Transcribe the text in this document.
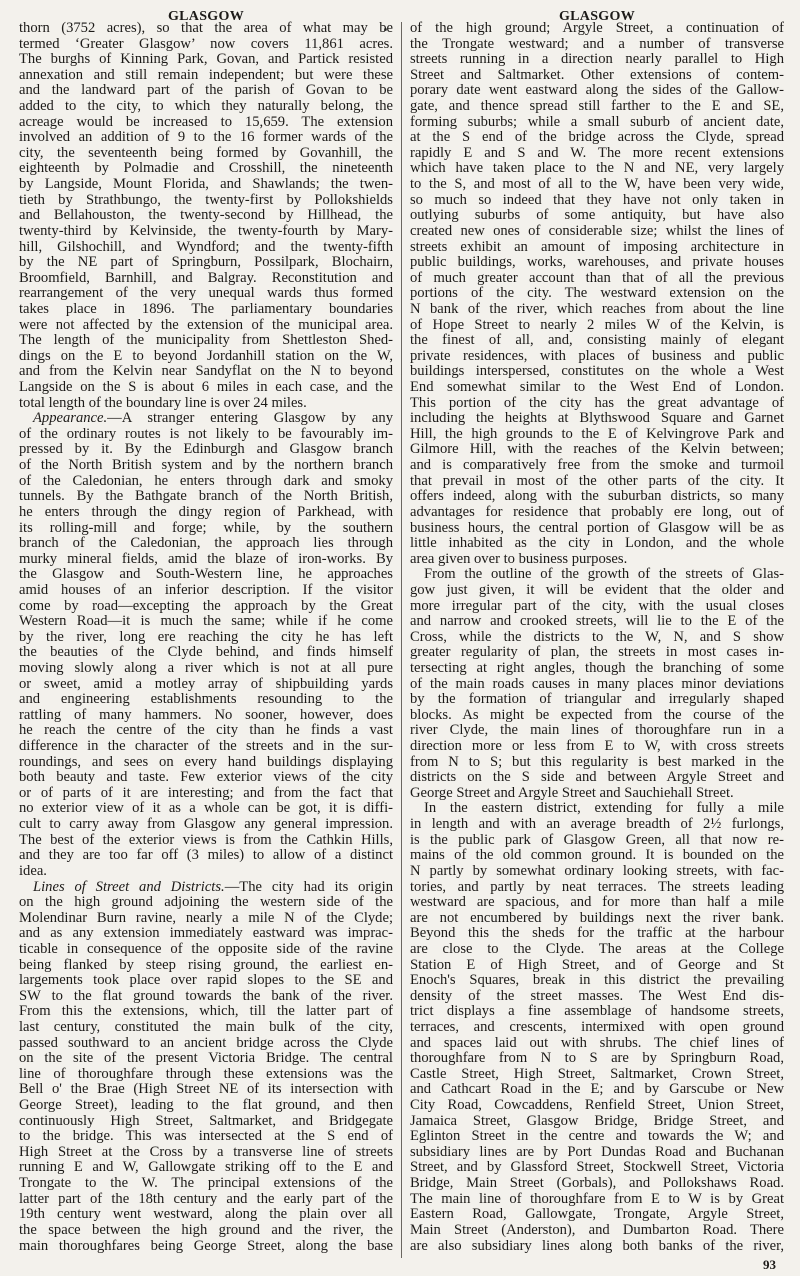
GLASGOW	GLASGOW
thorn (3752 acres), so that the area of what may be
termed ‘Greater Glasgow’ now covers 11,861 acres.
The burghs of Kinning Park, Govan, and Partick resisted
annexation and still remain independent; but were these
and the landward part of the parish of Govan to be
added to the city, to which they naturally belong, the
acreage would be increased to 15,659. The extension
involved an addition of 9 to the 16 former wards of the
city, the seventeenth being formed by Govanhill, the
eighteenth by Polmadie and Crosshill, the nineteenth
by Langside, Mount Florida, and Shawlands; the twen-
tieth by Strathbungo, the twenty-first by Pollokshields
and Bellahouston, the twenty-second by Hillhead, the
twenty-third by Kelvinside, the twenty-fourth by Mary-
hill, Gilshochill, and Wyndford; and the twenty-fifth
by the NE part of Springburn, Possilpark, Blochairn,
Broomfield, Barnhill, and Balgray. Reconstitution and
rearrangement of the very unequal wards thus formed
takes place in 1896. The parliamentary boundaries
were not affected by the extension of the municipal area.
The length of the municipality from Shettleston Shed-
dings on the E to beyond Jordanhill station on the W,
and from the Kelvin near Sandyflat on the N to beyond
Langside on the S is about 6 miles in each case, and the
total length of the boundary line is over 24 miles.
Appearance.—A stranger entering Glasgow by any
of the ordinary routes is not likely to be favourably im-
pressed by it. By the Edinburgh and Glasgow branch
of the North British system and by the northern branch
of the Caledonian, he enters through dark and smoky
tunnels. By the Bathgate branch of the North British,
he enters through the dingy region of Parkhead, with
its rolling-mill and forge; while, by the southern
branch of the Caledonian, the approach lies through
murky mineral fields, amid the blaze of iron-works. By
the Glasgow and South-Western line, he approaches
amid houses of an inferior description. If the visitor
come by road—excepting the approach by the Great
Western Road—it is much the same; while if he come
by the river, long ere reaching the city he has left
the beauties of the Clyde behind, and finds himself
moving slowly along a river which is not at all pure
or sweet, amid a motley array of shipbuilding yards
and engineering establishments resounding to the
rattling of many hammers. No sooner, however, does
he reach the centre of the city than he finds a vast
difference in the character of the streets and in the sur-
roundings, and sees on every hand buildings displaying
both beauty and taste. Few exterior views of the city
or of parts of it are interesting; and from the fact that
no exterior view of it as a whole can be got, it is diffi-
cult to carry away from Glasgow any general impression.
The best of the exterior views is from the Cathkin Hills,
and they are too far off (3 miles) to allow of a distinct
idea.
Lines of Street and Districts.—The city had its origin
on the high ground adjoining the western side of the
Molendinar Burn ravine, nearly a mile N of the Clyde;
and as any extension immediately eastward was imprac-
ticable in consequence of the opposite side of the ravine
being flanked by steep rising ground, the earliest en-
largements took place over rapid slopes to the SE and
SW to the flat ground towards the bank of the river.
From this the extensions, which, till the latter part of
last century, constituted the main bulk of the city,
passed southward to an ancient bridge across the Clyde
on the site of the present Victoria Bridge. The central
line of thoroughfare through these extensions was the
Bell o' the Brae (High Street NE of its intersection with
George Street), leading to the flat ground, and then
continuously High Street, Saltmarket, and Bridgegate
to the bridge. This was intersected at the S end of
High Street at the Cross by a transverse line of streets
running E and W, Gallowgate striking off to the E and
Trongate to the W. The principal extensions of the
latter part of the 18th century and the early part of the
19th century went westward, along the plain over all
the space between the high ground and the river, the
main thoroughfares being George Street, along the base
of the high ground; Argyle Street, a continuation of
the Trongate westward; and a number of transverse
streets running in a direction nearly parallel to High
Street and Saltmarket. Other extensions of contem-
porary date went eastward along the sides of the Gallow-
gate, and thence spread still farther to the E and SE,
forming suburbs; while a small suburb of ancient date,
at the S end of the bridge across the Clyde, spread
rapidly E and S and W. The more recent extensions
which have taken place to the N and NE, very largely
to the S, and most of all to the W, have been very wide,
so much so indeed that they have not only taken in
outlying suburbs of some antiquity, but have also
created new ones of considerable size; whilst the lines of
streets exhibit an amount of imposing architecture in
public buildings, works, warehouses, and private houses
of much greater account than that of all the previous
portions of the city. The westward extension on the
N bank of the river, which reaches from about the line
of Hope Street to nearly 2 miles W of the Kelvin, is
the finest of all, and, consisting mainly of elegant
private residences, with places of business and public
buildings interspersed, constitutes on the whole a West
End somewhat similar to the West End of London.
This portion of the city has the great advantage of
including the heights at Blythswood Square and Garnet
Hill, the high grounds to the E of Kelvingrove Park and
Gilmore Hill, with the reaches of the Kelvin between;
and is comparatively free from the smoke and turmoil
that prevail in most of the other parts of the city. It
offers indeed, along with the suburban districts, so many
advantages for residence that probably ere long, out of
business hours, the central portion of Glasgow will be as
little inhabited as the city in London, and the whole
area given over to business purposes.
From the outline of the growth of the streets of Glas-
gow just given, it will be evident that the older and
more irregular part of the city, with the usual closes
and narrow and crooked streets, will lie to the E of the
Cross, while the districts to the W, N, and S show
greater regularity of plan, the streets in most cases in-
tersecting at right angles, though the branching of some
of the main roads causes in many places minor deviations
by the formation of triangular and irregularly shaped
blocks. As might be expected from the course of the
river Clyde, the main lines of thoroughfare run in a
direction more or less from E to W, with cross streets
from N to S; but this regularity is best marked in the
districts on the S side and between Argyle Street and
George Street and Argyle Street and Sauchiehall Street.
In the eastern district, extending for fully a mile
in length and with an average breadth of 2½ furlongs,
is the public park of Glasgow Green, all that now re-
mains of the old common ground. It is bounded on the
N partly by somewhat ordinary looking streets, with fac-
tories, and partly by neat terraces. The streets leading
westward are spacious, and for more than half a mile
are not encumbered by buildings next the river bank.
Beyond this the sheds for the traffic at the harbour
are close to the Clyde. The areas at the College
Station E of High Street, and of George and St
Enoch's Squares, break in this district the prevailing
density of the street masses. The West End dis-
trict displays a fine assemblage of handsome streets,
terraces, and crescents, intermixed with open ground
and spaces laid out with shrubs. The chief lines of
thoroughfare from N to S are by Springburn Road,
Castle Street, High Street, Saltmarket, Crown Street,
and Cathcart Road in the E; and by Garscube or New
City Road, Cowcaddens, Renfield Street, Union Street,
Jamaica Street, Glasgow Bridge, Bridge Street, and
Eglinton Street in the centre and towards the W; and
subsidiary lines are by Port Dundas Road and Buchanan
Street, and by Glassford Street, Stockwell Street, Victoria
Bridge, Main Street (Gorbals), and Pollokshaws Road.
The main line of thoroughfare from E to W is by Great
Eastern Road, Gallowgate, Trongate, Argyle Street,
Main Street (Anderston), and Dumbarton Road. There
are also subsidiary lines along both banks of the river,
93
